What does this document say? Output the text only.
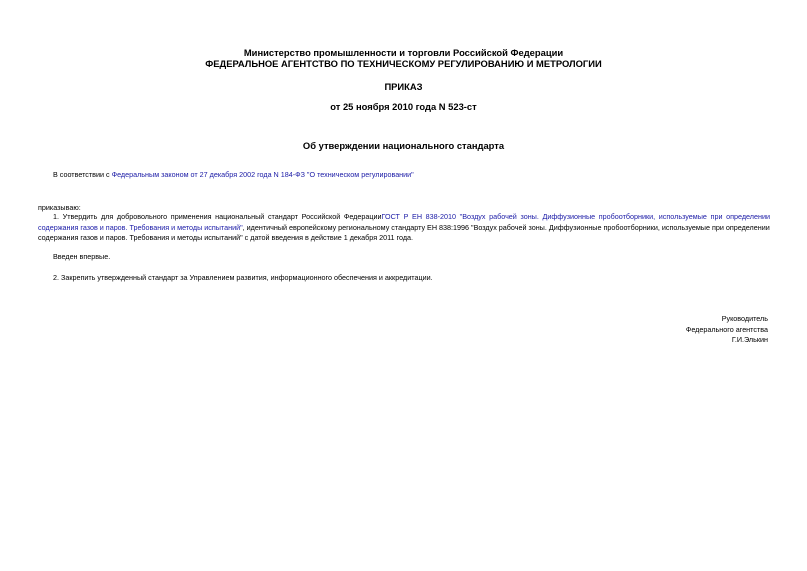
Министерство промышленности и торговли Российской Федерации
ФЕДЕРАЛЬНОЕ АГЕНТСТВО ПО ТЕХНИЧЕСКОМУ РЕГУЛИРОВАНИЮ И МЕТРОЛОГИИ
ПРИКАЗ
от 25 ноября 2010 года N 523-ст
Об утверждении национального стандарта
В соответствии с Федеральным законом от 27 декабря 2002 года N 184-ФЗ "О техническом регулировании"
приказываю:
1. Утвердить для добровольного применения национальный стандарт Российской ФедерацииГОСТ Р ЕН 838-2010 "Воздух рабочей зоны. Диффузионные пробоотборники, используемые при определении
содержания газов и паров. Требования и методы испытаний", идентичный европейскому региональному стандарту ЕН 838:1996 "Воздух рабочей зоны. Диффузионные пробоотборники, используемые при определении
содержания газов и паров. Требования и методы испытаний" с датой введения в действие 1 декабря 2011 года.
Введен впервые.
2. Закрепить утвержденный стандарт за Управлением развития, информационного обеспечения и аккредитации.
Руководитель
Федерального агентства
Г.И.Элькин
